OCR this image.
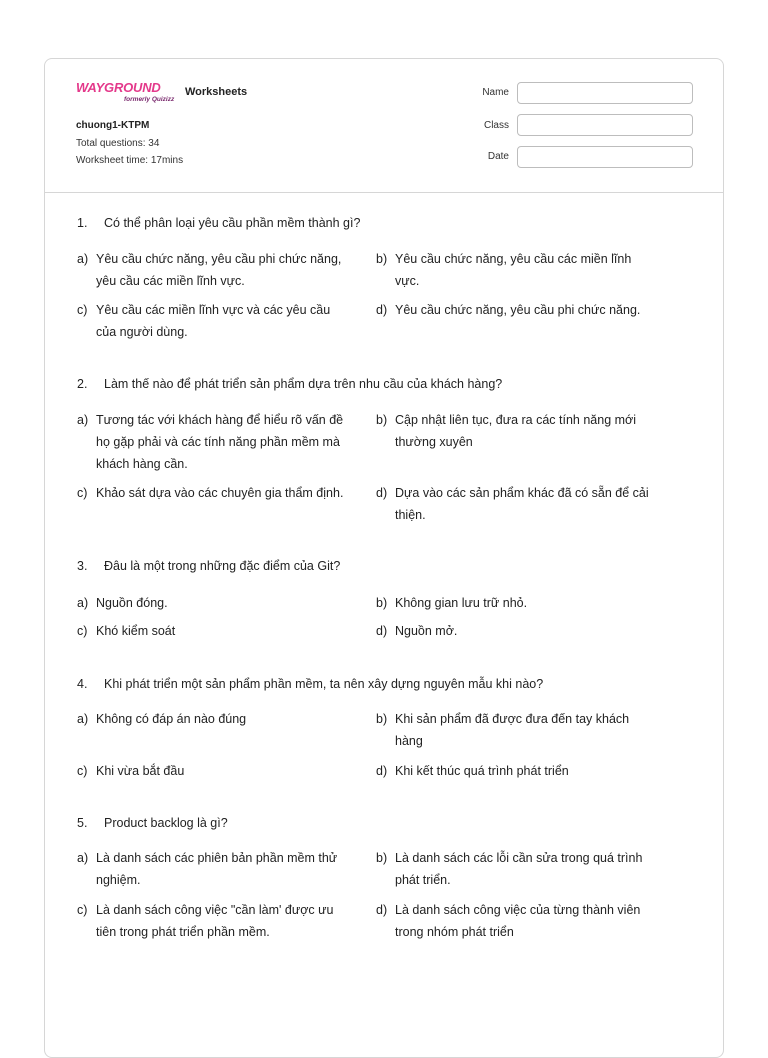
WAYGROUND
formerly Quizizz
Worksheets
chuong1-KTPM
Total questions: 34
Worksheet time: 17mins
Name
Class
Date
1. Có thể phân loại yêu cầu phần mềm thành gì?
a) Yêu cầu chức năng, yêu cầu phi chức năng, yêu cầu các miền lĩnh vực.
b) Yêu cầu chức năng, yêu cầu các miền lĩnh vực.
c) Yêu cầu các miền lĩnh vực và các yêu cầu của người dùng.
d) Yêu cầu chức năng, yêu cầu phi chức năng.
2. Làm thế nào để phát triển sản phẩm dựa trên nhu cầu của khách hàng?
a) Tương tác với khách hàng để hiểu rõ vấn đề họ gặp phải và các tính năng phần mềm mà khách hàng cần.
b) Cập nhật liên tục, đưa ra các tính năng mới thường xuyên
c) Khảo sát dựa vào các chuyên gia thẩm định.	d) Dựa vào các sản phẩm khác đã có sẵn để cải thiện.
3. Đâu là một trong những đặc điểm của Git?
a) Nguồn đóng.	b) Không gian lưu trữ nhỏ.
c) Khó kiểm soát	d) Nguồn mở.
4. Khi phát triển một sản phẩm phần mềm, ta nên xây dựng nguyên mẫu khi nào?
a) Không có đáp án nào đúng	b) Khi sản phẩm đã được đưa đến tay khách hàng
c) Khi vừa bắt đầu	d) Khi kết thúc quá trình phát triển
5. Product backlog là gì?
a) Là danh sách các phiên bản phần mềm thử nghiệm.
b) Là danh sách các lỗi cần sửa trong quá trình phát triển.
c) Là danh sách công việc "cần làm' được ưu tiên trong phát triển phần mềm.
d) Là danh sách công việc của từng thành viên trong nhóm phát triển
